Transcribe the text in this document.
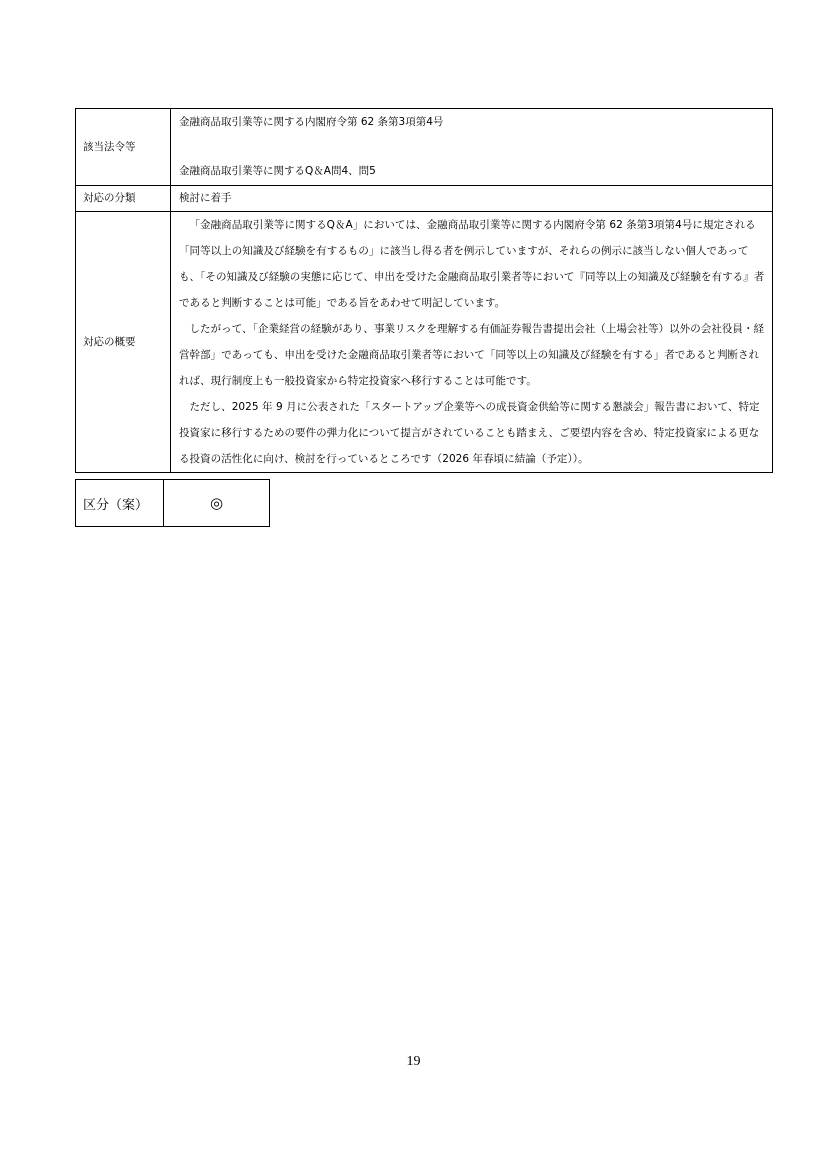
該当法令等	金融商品取引業等に関する内閣府令第 62 条第3項第4号
金融商品取引業等に関するQ＆A問4、問5

対応の分類	検討に着手
対応の概要	「金融商品取引業等に関するQ＆A」においては、金融商品取引業等に関する内閣府令第 62 条第3項第4号に規定される「同等以上の知識及び経験を有するもの」に該当し得る者を例示していますが、それらの例示に該当しない個人であっても、「その知識及び経験の実態に応じて、申出を受けた金融商品取引業者等において『同等以上の知識及び経験を有する』者であると判断することは可能」である旨をあわせて明記しています。

したがって、「企業経営の経験があり、事業リスクを理解する有価証券報告書提出会社（上場会社等）以外の会社役員・経営幹部」であっても、申出を受けた金融商品取引業者等において「同等以上の知識及び経験を有する」者であると判断されれば、現行制度上も一般投資家から特定投資家へ移行することは可能です。

ただし、2025 年 9 月に公表された「スタートアップ企業等への成長資金供給等に関する懇談会」報告書において、特定投資家に移行するための要件の弾力化について提言がされていることも踏まえ、ご要望内容を含め、特定投資家による更なる投資の活性化に向け、検討を行っているところです（2026 年春頃に結論（予定））。

区分（案）	◎
19
